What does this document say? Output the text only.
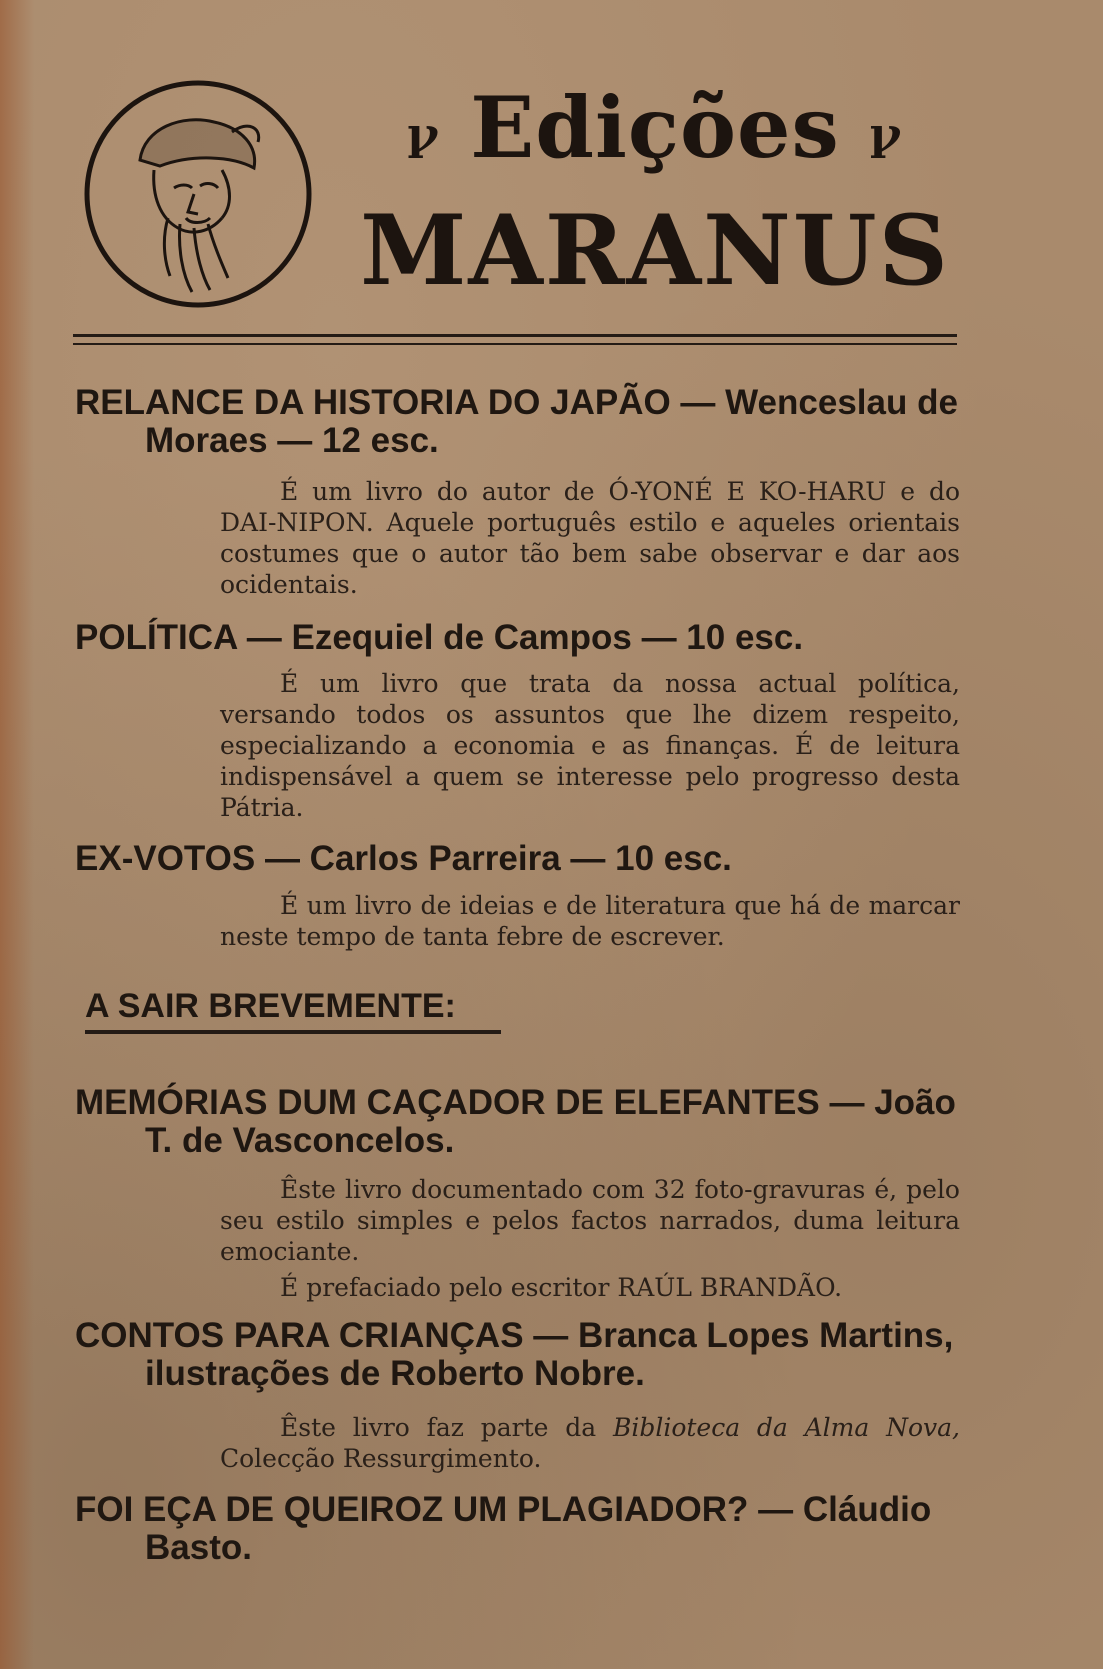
ꝩ Edições ꝩ
MARANUS
RELANCE DA HISTORIA DO JAPÃO — Wenceslau de
Moraes — 12 esc.
É um livro do autor de Ó-YONÉ E KO-HARU e do DAI-NIPON. Aquele português estilo e aqueles orientais costumes que o autor tão bem sabe observar e dar aos ocidentais.
POLÍTICA — Ezequiel de Campos — 10 esc.
É um livro que trata da nossa actual política, versando todos os assuntos que lhe dizem respeito, especializando a economia e as finanças. É de leitura indispensável a quem se interesse pelo progresso desta Pátria.
EX-VOTOS — Carlos Parreira — 10 esc.
É um livro de ideias e de literatura que há de marcar neste tempo de tanta febre de escrever.
A SAIR BREVEMENTE:
MEMÓRIAS DUM CAÇADOR DE ELEFANTES — João
T. de Vasconcelos.
Êste livro documentado com 32 foto-gravuras é, pelo seu estilo simples e pelos factos narrados, duma leitura emociante.
É prefaciado pelo escritor RAÚL BRANDÃO.
CONTOS PARA CRIANÇAS — Branca Lopes Martins,
ilustrações de Roberto Nobre.
Êste livro faz parte da Biblioteca da Alma Nova, Colecção Ressurgimento.
FOI EÇA DE QUEIROZ UM PLAGIADOR? — Cláudio
Basto.
